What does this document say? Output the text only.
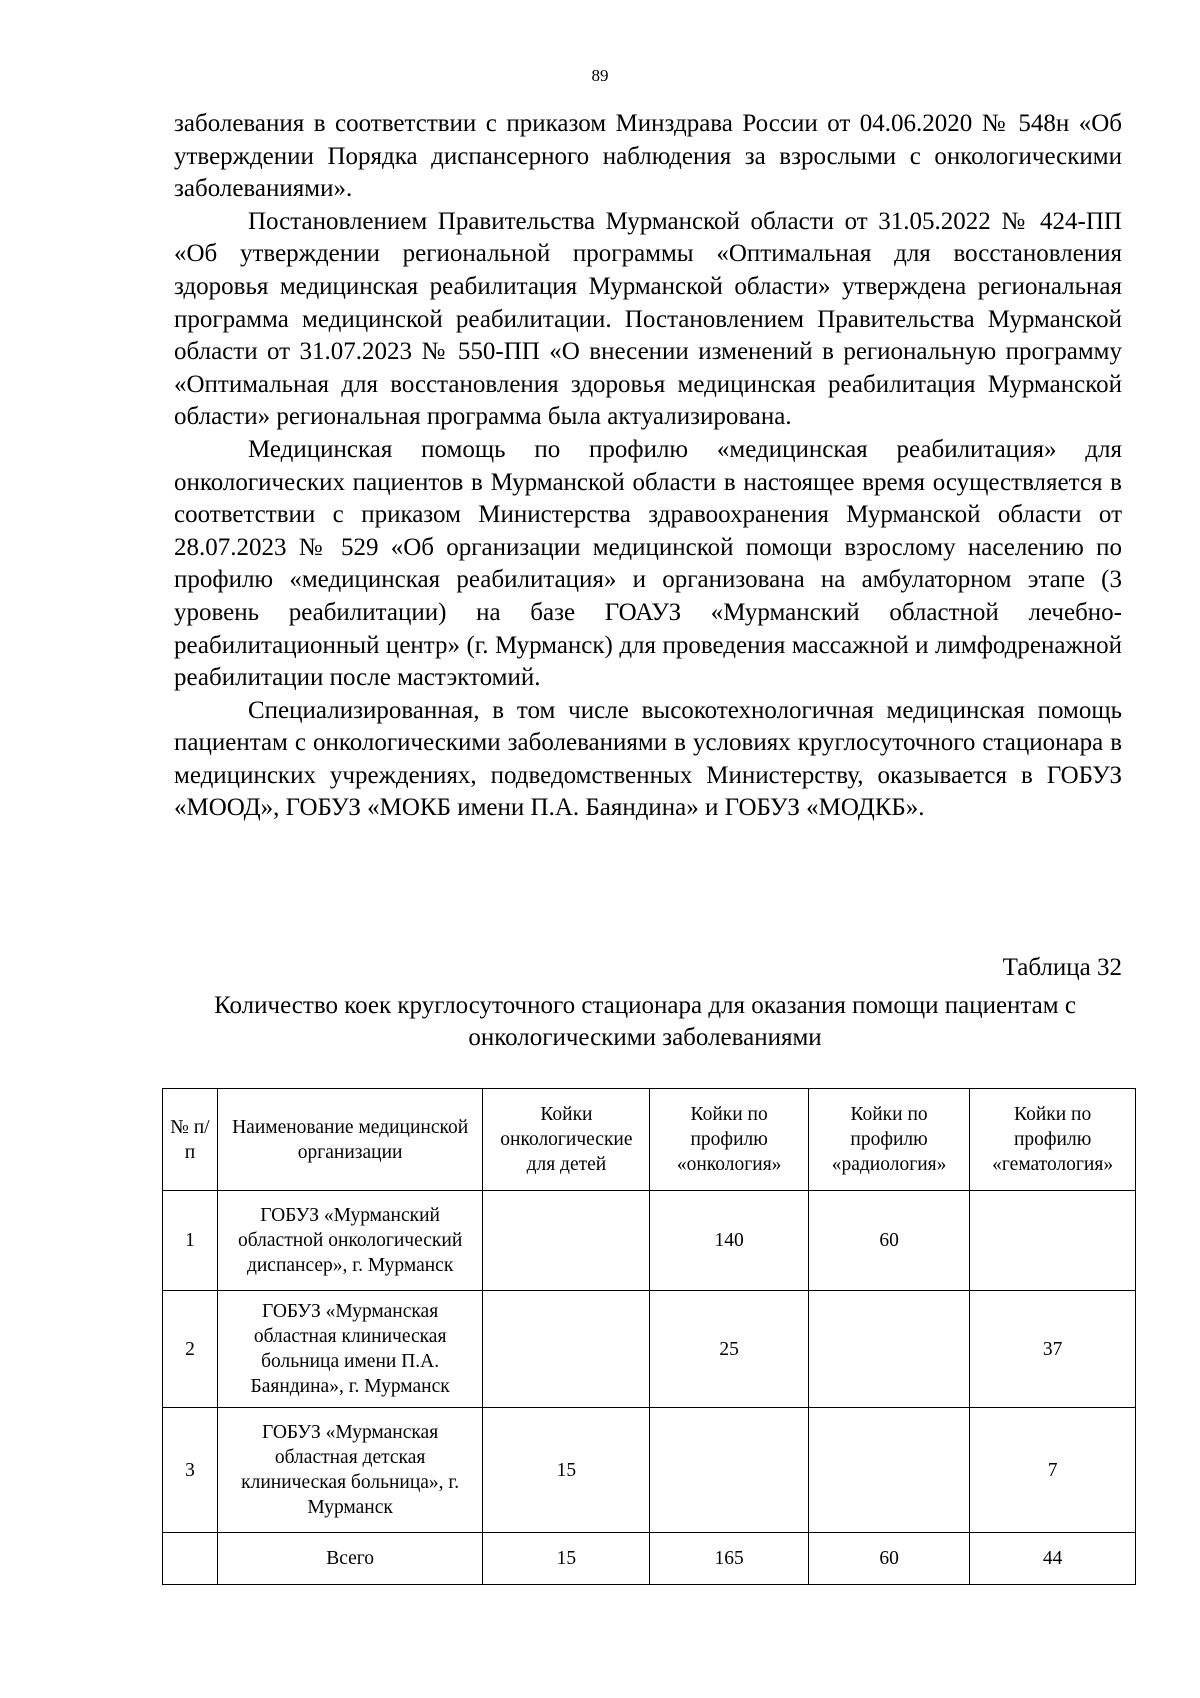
89

заболевания в соответствии с приказом Минздрава России от 04.06.2020 № 548н «Об утверждении Порядка диспансерного наблюдения за взрослыми с онкологическими заболеваниями».

Постановлением Правительства Мурманской области от 31.05.2022 № 424-ПП «Об утверждении региональной программы «Оптимальная для восстановления здоровья медицинская реабилитация Мурманской области» утверждена региональная программа медицинской реабилитации. Постановлением Правительства Мурманской области от 31.07.2023 № 550-ПП «О внесении изменений в региональную программу «Оптимальная для восстановления здоровья медицинская реабилитация Мурманской области» региональная программа была актуализирована.

Медицинская помощь по профилю «медицинская реабилитация» для онкологических пациентов в Мурманской области в настоящее время осуществляется в соответствии с приказом Министерства здравоохранения Мурманской области от 28.07.2023 № 529 «Об организации медицинской помощи взрослому населению по профилю «медицинская реабилитация» и организована на амбулаторном этапе (3 уровень реабилитации) на базе ГОАУЗ «Мурманский областной лечебно-реабилитационный центр» (г. Мурманск) для проведения массажной и лимфодренажной реабилитации после мастэктомий.

Специализированная, в том числе высокотехнологичная медицинская помощь пациентам с онкологическими заболеваниями в условиях круглосуточного стационара в медицинских учреждениях, подведомственных Министерству, оказывается в ГОБУЗ «МООД», ГОБУЗ «МОКБ имени П.А. Баяндина» и ГОБУЗ «МОДКБ».

Таблица 32
Количество коек круглосуточного стационара для оказания помощи пациентам с онкологическими заболеваниями
№ п/п	Наименование медицинской организации	Койки онкологические для детей	Койки по профилю «онкология»	Койки по профилю «радиология»	Койки по профилю «гематология»
1	ГОБУЗ «Мурманский областной онкологический диспансер», г. Мурманск		140	60	
2	ГОБУЗ «Мурманская областная клиническая больница имени П.А. Баяндина», г. Мурманск		25		37
3	ГОБУЗ «Мурманская областная детская клиническая больница», г. Мурманск	15			7
	Всего	15	165	60	44
